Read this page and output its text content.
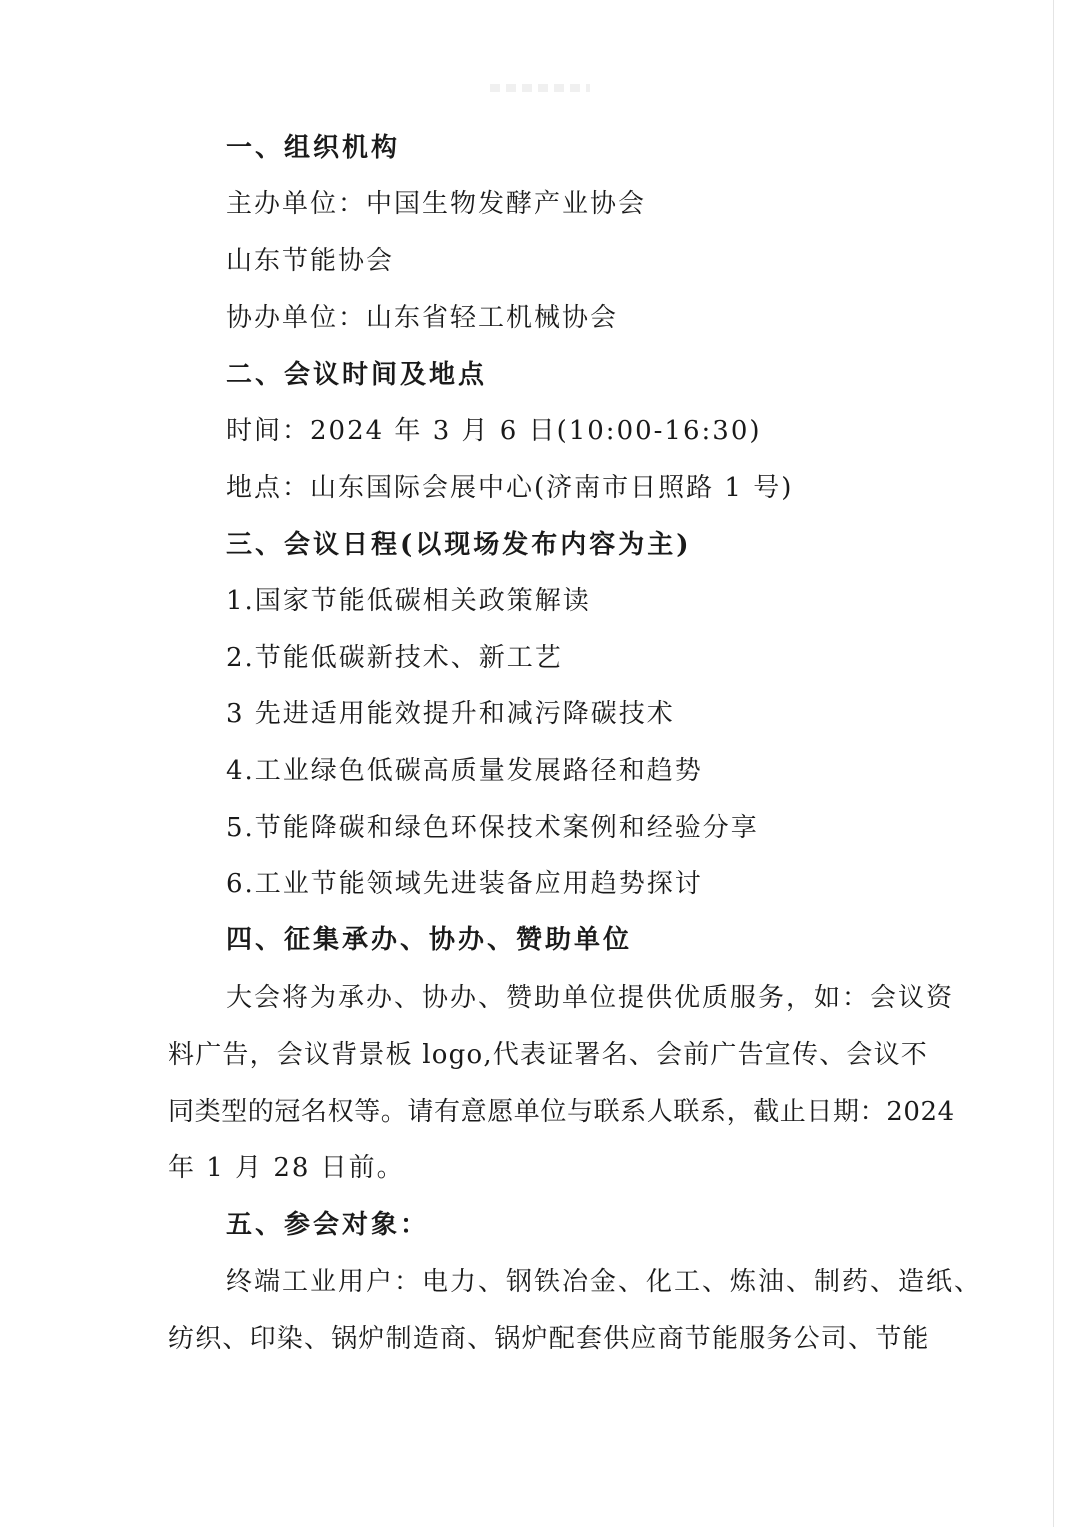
一、组织机构
主办单位：中国生物发酵产业协会
山东节能协会
协办单位：山东省轻工机械协会
二、会议时间及地点
时间：2024 年 3 月 6 日(10:00-16:30)
地点：山东国际会展中心(济南市日照路 1 号)
三、会议日程(以现场发布内容为主)
1.国家节能低碳相关政策解读
2.节能低碳新技术、新工艺
3 先进适用能效提升和减污降碳技术
4.工业绿色低碳高质量发展路径和趋势
5.节能降碳和绿色环保技术案例和经验分享
6.工业节能领域先进装备应用趋势探讨
四、征集承办、协办、赞助单位
大会将为承办、协办、赞助单位提供优质服务，如：会议资
料广告，会议背景板 logo,代表证署名、会前广告宣传、会议不
同类型的冠名权等。请有意愿单位与联系人联系，截止日期：2024
年 1 月 28 日前。
五、参会对象：
终端工业用户：电力、钢铁冶金、化工、炼油、制药、造纸、
纺织、印染、锅炉制造商、锅炉配套供应商节能服务公司、节能
